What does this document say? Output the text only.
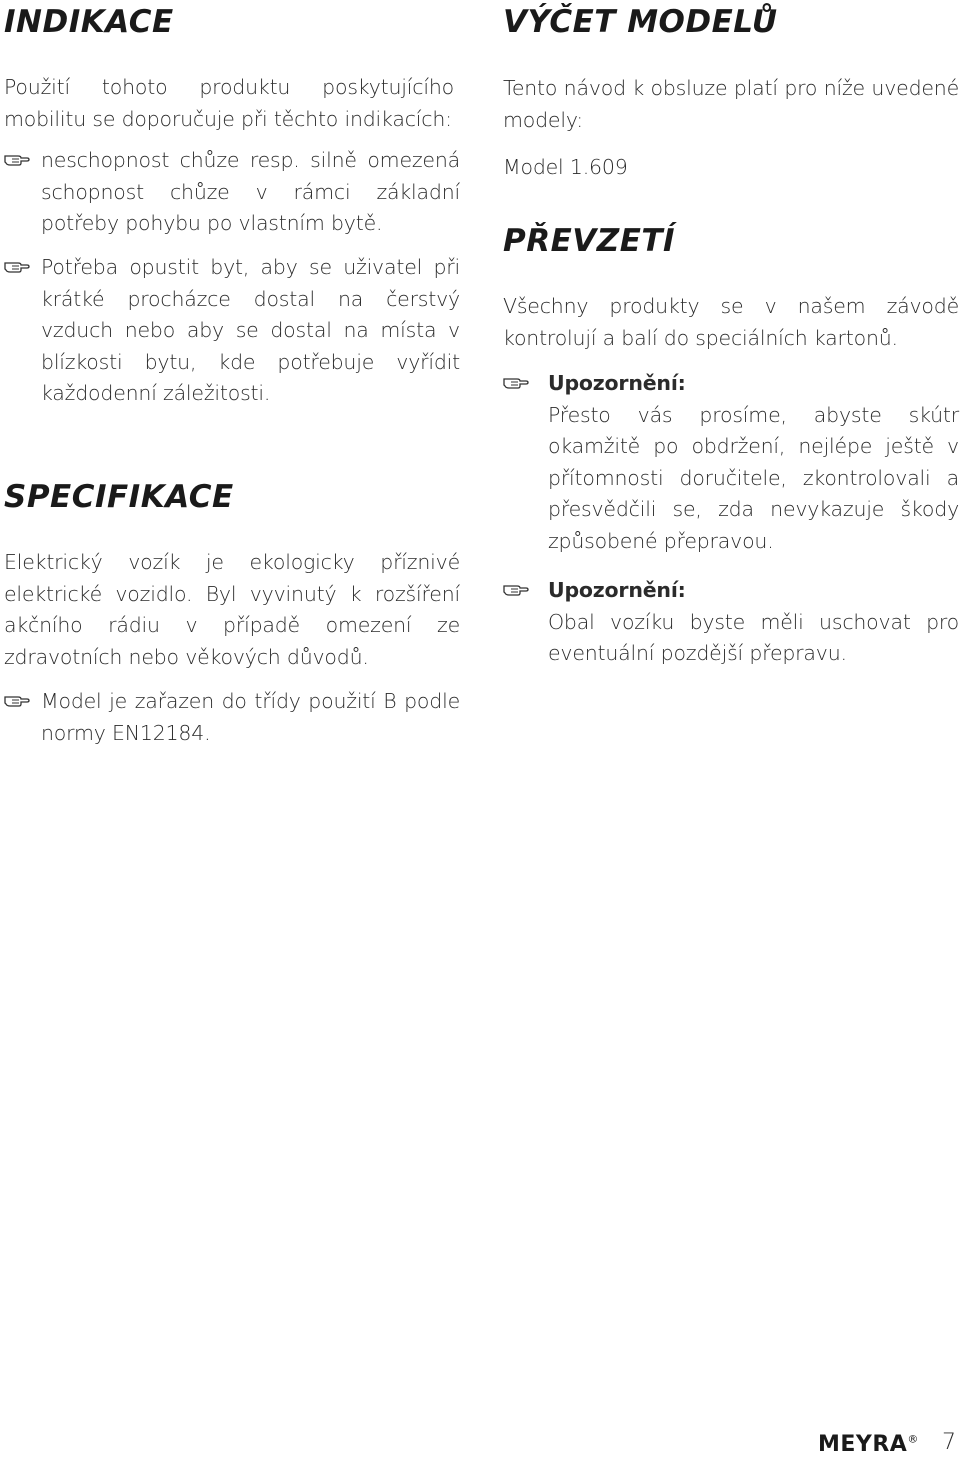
INDIKACE

Použití tohoto produktu poskytujícího mobilitu se doporučuje při těchto indikacích:

neschopnost chůze resp. silně omezená schopnost chůze v rámci základní potřeby pohybu po vlastním bytě.

Potřeba opustit byt, aby se uživatel při krátké procházce dostal na čerstvý vzduch nebo aby se dostal na místa v blízkosti bytu, kde potřebuje vyřídit každodenní záležitosti.

SPECIFIKACE

Elektrický vozík je ekologicky příznivé elektrické vozidlo. Byl vyvinutý k rozšíření akčního rádiu v případě omezení ze zdravotních nebo věkových důvodů.

Model je zařazen do třídy použití B podle normy EN12184.

VÝČET MODELŮ

Tento návod k obsluze platí pro níže uvedené modely:

Model 1.609

PŘEVZETÍ

Všechny produkty se v našem závodě kontrolují a balí do speciálních kartonů.

Upozornění:

Přesto vás prosíme, abyste skútr okamžitě po obdržení, nejlépe ještě v přítomnosti doručitele, zkontrolovali a přesvědčili se, zda nevykazuje škody způsobené přepravou.

Upozornění:

Obal vozíku byste měli uschovat pro eventuální pozdější přepravu.

MEYRA® 7
